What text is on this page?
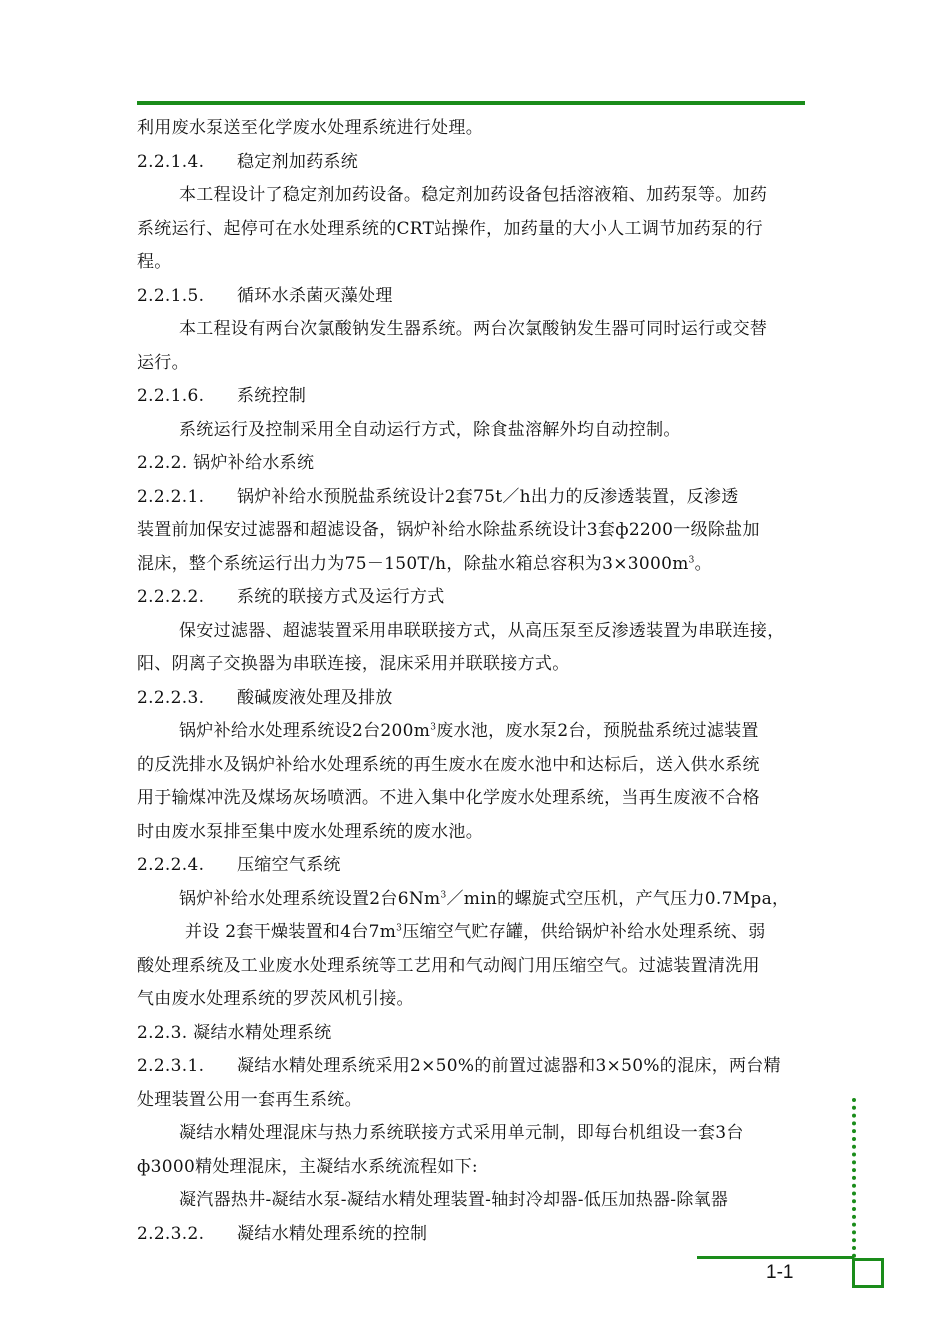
利用废水泵送至化学废水处理系统进行处理。
2.2.1.4. 稳定剂加药系统
本工程设计了稳定剂加药设备。稳定剂加药设备包括溶液箱、加药泵等。加药
系统运行、起停可在水处理系统的CRT站操作，加药量的大小人工调节加药泵的行
程。
2.2.1.5. 循环水杀菌灭藻处理
本工程设有两台次氯酸钠发生器系统。两台次氯酸钠发生器可同时运行或交替
运行。
2.2.1.6. 系统控制
系统运行及控制采用全自动运行方式，除食盐溶解外均自动控制。
2.2.2. 锅炉补给水系统
2.2.2.1. 锅炉补给水预脱盐系统设计2套75t／h出力的反渗透装置，反渗透
装置前加保安过滤器和超滤设备，锅炉补给水除盐系统设计3套ф2200一级除盐加
混床，整个系统运行出力为75－150T/h，除盐水箱总容积为$3\times 3000m^3$。
2.2.2.2. 系统的联接方式及运行方式
保安过滤器、超滤装置采用串联联接方式，从高压泵至反渗透装置为串联连接，
阳、阴离子交换器为串联连接，混床采用并联联接方式。
2.2.2.3. 酸碱废液处理及排放
锅炉补给水处理系统设2台$200m^3$废水池，废水泵2台，预脱盐系统过滤装置
的反洗排水及锅炉补给水处理系统的再生废水在废水池中和达标后，送入供水系统
用于输煤冲洗及煤场灰场喷洒。不进入集中化学废水处理系统，当再生废液不合格
时由废水泵排至集中废水处理系统的废水池。
2.2.2.4. 压缩空气系统
锅炉补给水处理系统设置2台6Nm$^3$／min的螺旋式空压机，产气压力0.7Mpa，
并设 2套干燥装置和4台$7m^3$压缩空气贮存罐，供给锅炉补给水处理系统、弱
酸处理系统及工业废水处理系统等工艺用和气动阀门用压缩空气。过滤装置清洗用
气由废水处理系统的罗茨风机引接。
2.2.3. 凝结水精处理系统
2.2.3.1. 凝结水精处理系统采用2×50%的前置过滤器和3×50%的混床，两台精
处理装置公用一套再生系统。
凝结水精处理混床与热力系统联接方式采用单元制，即每台机组设一套3台
ф3000精处理混床，主凝结水系统流程如下:
凝汽器热井-凝结水泵-凝结水精处理装置-轴封冷却器-低压加热器-除氧器
2.2.3.2. 凝结水精处理系统的控制
1-1
